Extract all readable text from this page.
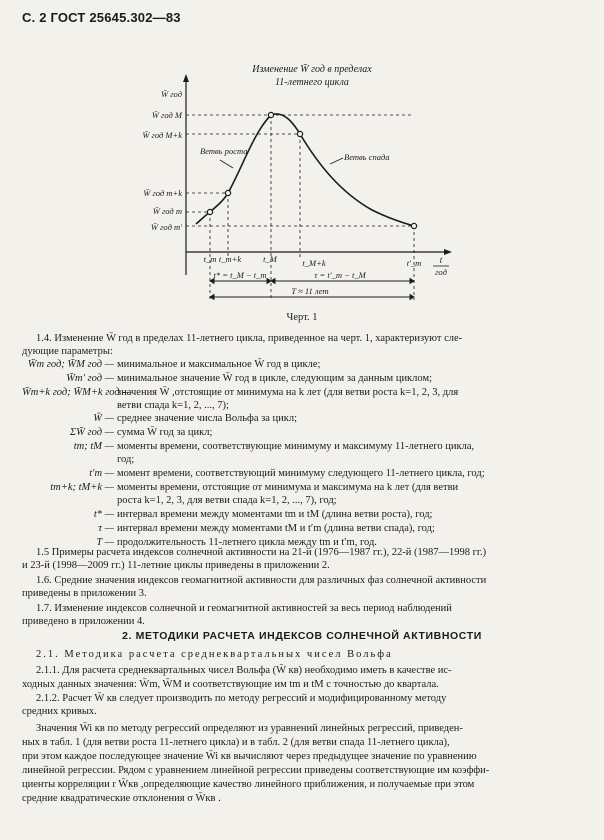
С. 2 ГОСТ 25645.302—83
Изменение W̄ год в пределах
11-летнего цикла
W̄ год
W̄ год M
W̄ год M+k
W̄ год m+k
W̄ год m
W̄ год m′
t_m t_m+k	t_M	t_M+k	t′_m t
год
Ветвь роста
Ветвь спада
t* = t_M − t_m	τ = t′_m − t_M
T ≈ 11 лет
Черт. 1
1.4. Изменение W̄ год в пределах 11-летнего цикла, приведенное на черт. 1, характеризуют сле-
дующие параметры:
W̄m год; W̄M год — минимальное и максимальное W̄ год в цикле;
W̄m′ год — минимальное значение W̄ год в цикле, следующим за данным циклом;
W̄m+k год; W̄M+k год —значения W̄ ,отстоящие от минимума на k лет (для ветви роста k=1, 2, 3, для
ветви спада k=1, 2, ..., 7);
W̃ — среднее значение числа Вольфа за цикл;
ΣW̄ год — сумма W̄ год за цикл;
tm; tM — моменты времени, соответствующие минимуму и максимуму 11-летнего цикла,
год;
t′m — момент времени, соответствующий минимуму следующего 11-летнего цикла, год;
tm+k; tM+k — моменты времени, отстоящие от минимума и максимума на k лет (для ветви
роста k=1, 2, 3, для ветви спада k=1, 2, ..., 7), год;
t* — интервал времени между моментами tm и tM (длина ветви роста), год;
τ — интервал времени между моментами tM и t′m (длина ветви спада), год;
T — продолжительность 11-летнего цикла между tm и t′m, год.
1.5 Примеры расчета индексов солнечной активности на 21-й (1976—1987 гг.), 22-й (1987—1998 гг.)
и 23-й (1998—2009 гг.) 11-летние циклы приведены в приложении 2.
1.6. Средние значения индексов геомагнитной активности для различных фаз солнечной активности
приведены в приложении 3.
1.7. Изменение индексов солнечной и геомагнитной активностей за весь период наблюдений
приведено в приложении 4.
2. МЕТОДИКИ РАСЧЕТА ИНДЕКСОВ СОЛНЕЧНОЙ АКТИВНОСТИ
2.1. Методика расчета среднеквартальных чисел Вольфа
2.1.1. Для расчета среднеквартальных чисел Вольфа (W̄ кв) необходимо иметь в качестве ис-
ходных данных значения: W̄m, W̄M и соответствующие им tm и tM с точностью до квартала.
2.1.2. Расчет W̄ кв следует производить по методу регрессий и модифицированному методу
средних кривых.
Значения W̄i кв по методу регрессий определяют из уравнений линейных регрессий, приведен-
ных в табл. 1 (для ветви роста 11-летнего цикла) и в табл. 2 (для ветви спада 11-летнего цикла),
при этом каждое последующее значение W̄i кв вычисляют через предыдущее значение по уравнению
линейной регрессии. Рядом с уравнением линейной регрессии приведены соответствующие им коэффи-
циенты корреляции r W̄кв ,определяющие качество линейного приближения, и получаемые при этом
средние квадратические отклонения σ W̄кв .
